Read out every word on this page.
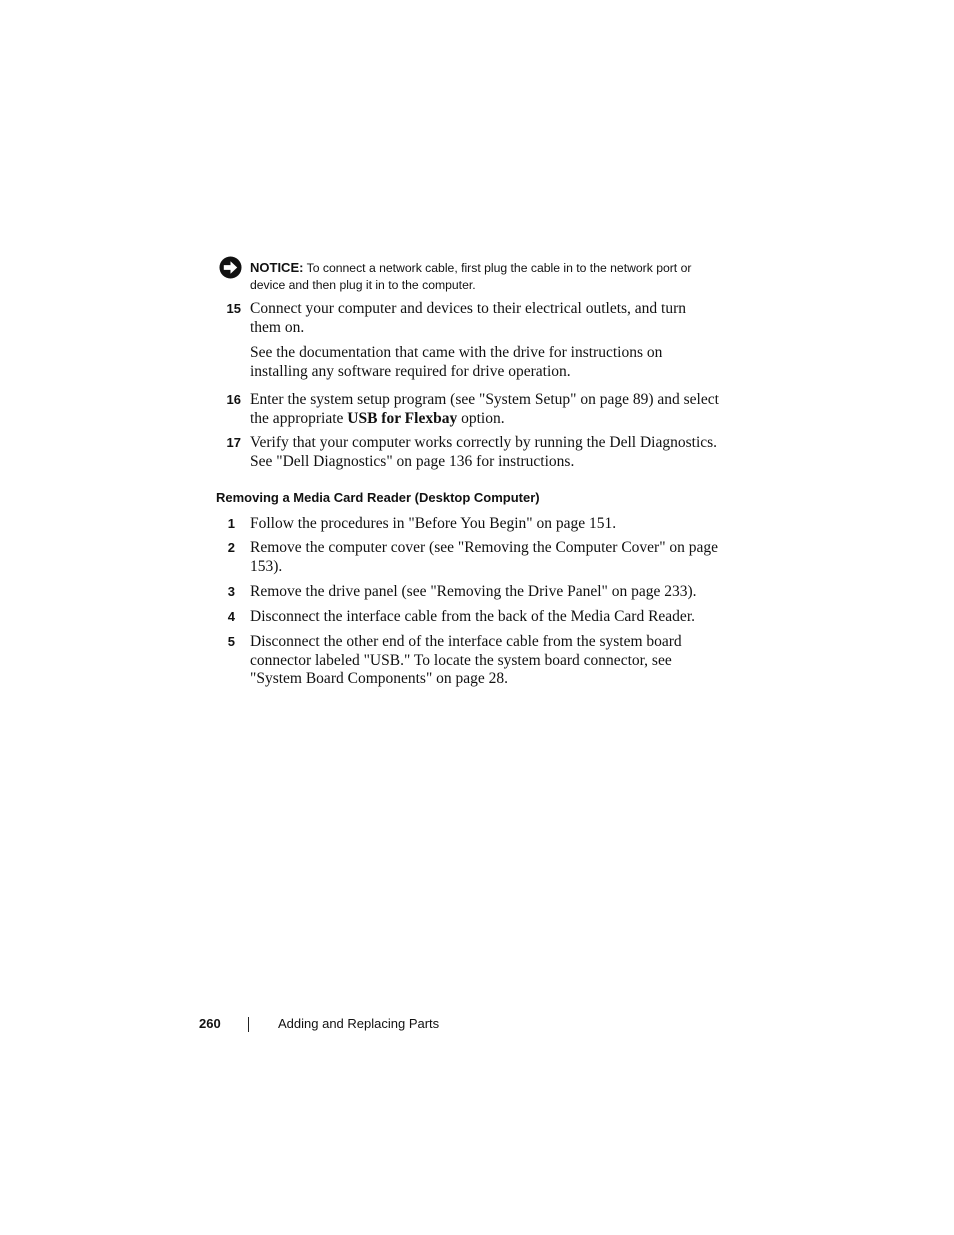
NOTICE: To connect a network cable, first plug the cable in to the network port or device and then plug it in to the computer.
15 Connect your computer and devices to their electrical outlets, and turn them on.
See the documentation that came with the drive for instructions on installing any software required for drive operation.
16 Enter the system setup program (see "System Setup" on page 89) and select the appropriate USB for Flexbay option.
17 Verify that your computer works correctly by running the Dell Diagnostics. See "Dell Diagnostics" on page 136 for instructions.
Removing a Media Card Reader (Desktop Computer)
1 Follow the procedures in "Before You Begin" on page 151.
2 Remove the computer cover (see "Removing the Computer Cover" on page 153).
3 Remove the drive panel (see "Removing the Drive Panel" on page 233).
4 Disconnect the interface cable from the back of the Media Card Reader.
5 Disconnect the other end of the interface cable from the system board connector labeled "USB." To locate the system board connector, see "System Board Components" on page 28.
260	Adding and Replacing Parts
